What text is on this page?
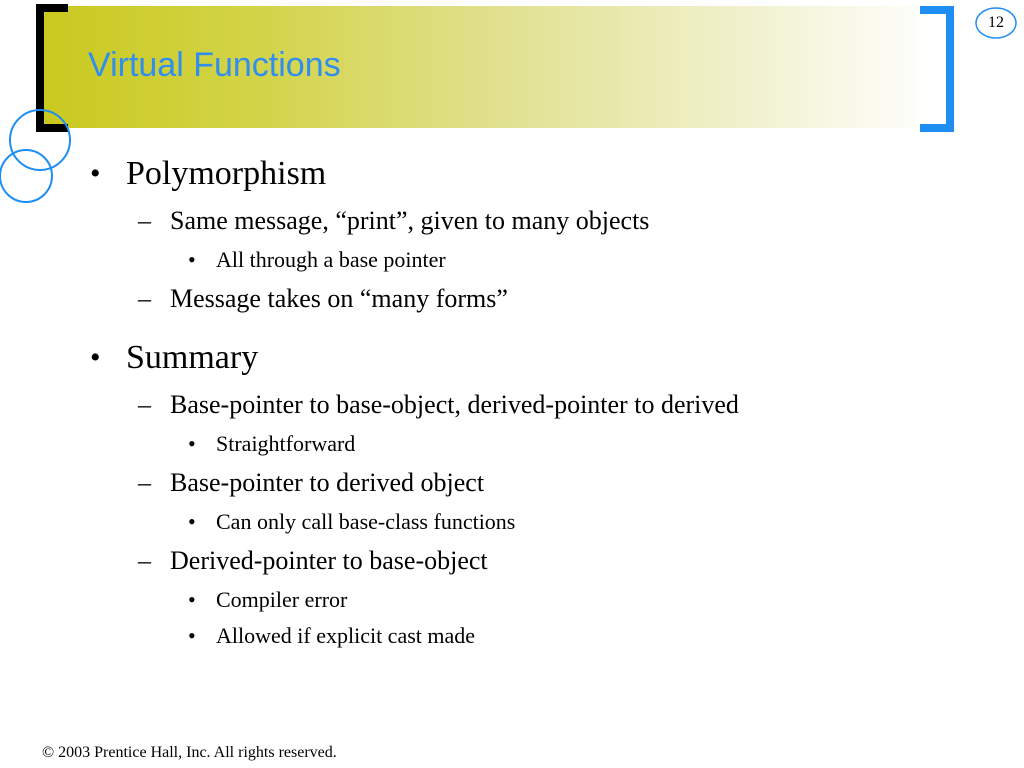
Virtual Functions
12
• Polymorphism
– Same message, “print”, given to many objects
• All through a base pointer
– Message takes on “many forms”
• Summary
– Base-pointer to base-object, derived-pointer to derived
• Straightforward
– Base-pointer to derived object
• Can only call base-class functions
– Derived-pointer to base-object
• Compiler error
• Allowed if explicit cast made
© 2003 Prentice Hall, Inc. All rights reserved.
